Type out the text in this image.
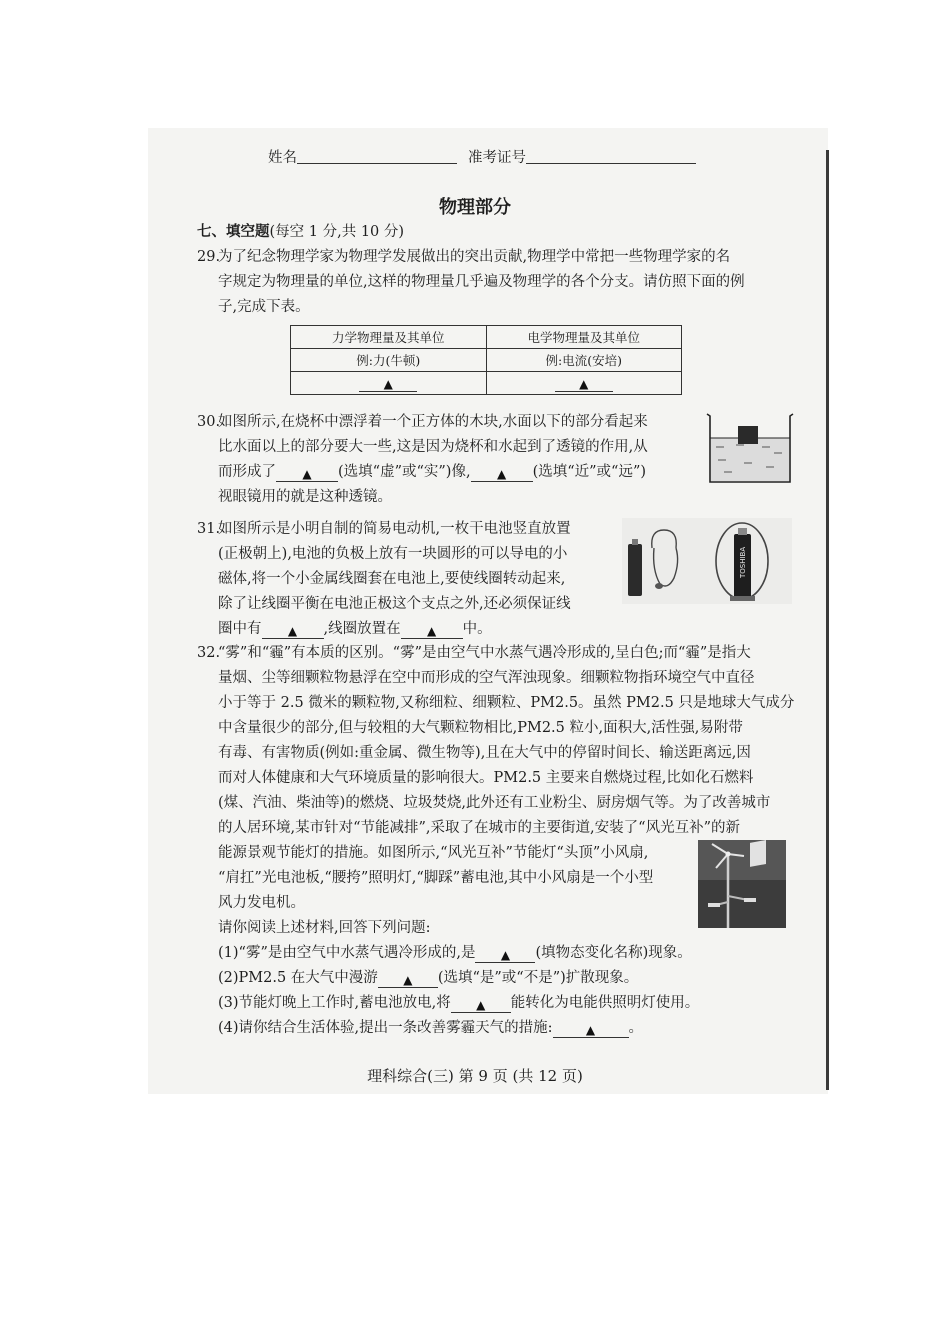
姓名	准考证号
物理部分
七、填空题(每空 1 分,共 10 分)
29.
为了纪念物理学家为物理学发展做出的突出贡献,物理学中常把一些物理学家的名
字规定为物理量的单位,这样的物理量几乎遍及物理学的各个分支。请仿照下面的例
子,完成下表。
力学物理量及其单位	电学物理量及其单位
例:力(牛顿)	例:电流(安培)
▲	▲
30.
如图所示,在烧杯中漂浮着一个正方体的木块,水面以下的部分看起来
比水面以上的部分要大一些,这是因为烧杯和水起到了透镜的作用,从
而形成了 ▲ (选填“虚”或“实”)像, ▲ (选填“近”或“远”)
视眼镜用的就是这种透镜。
31.
如图所示是小明自制的简易电动机,一枚干电池竖直放置
(正极朝上),电池的负极上放有一块圆形的可以导电的小
磁体,将一个小金属线圈套在电池上,要使线圈转动起来,
除了让线圈平衡在电池正极这个支点之外,还必须保证线
圈中有 ▲ ,线圈放置在 ▲ 中。
TOSHIBA
32.
“雾”和“霾”有本质的区别。“雾”是由空气中水蒸气遇冷形成的,呈白色;而“霾”是指大
量烟、尘等细颗粒物悬浮在空中而形成的空气浑浊现象。细颗粒物指环境空气中直径
小于等于 2.5 微米的颗粒物,又称细粒、细颗粒、PM2.5。虽然 PM2.5 只是地球大气成分
中含量很少的部分,但与较粗的大气颗粒物相比,PM2.5 粒小,面积大,活性强,易附带
有毒、有害物质(例如:重金属、微生物等),且在大气中的停留时间长、输送距离远,因
而对人体健康和大气环境质量的影响很大。PM2.5 主要来自燃烧过程,比如化石燃料
(煤、汽油、柴油等)的燃烧、垃圾焚烧,此外还有工业粉尘、厨房烟气等。为了改善城市
的人居环境,某市针对“节能减排”,采取了在城市的主要街道,安装了“风光互补”的新
能源景观节能灯的措施。如图所示,“风光互补”节能灯“头顶”小风扇,
“肩扛”光电池板,“腰挎”照明灯,“脚踩”蓄电池,其中小风扇是一个小型
风力发电机。
请你阅读上述材料,回答下列问题:
(1)“雾”是由空气中水蒸气遇冷形成的,是 ▲ (填物态变化名称)现象。
(2)PM2.5 在大气中漫游 ▲ (选填“是”或“不是”)扩散现象。
(3)节能灯晚上工作时,蓄电池放电,将 ▲ 能转化为电能供照明灯使用。
(4)请你结合生活体验,提出一条改善雾霾天气的措施:	▲ 。
理科综合(三) 第 9 页 (共 12 页)
